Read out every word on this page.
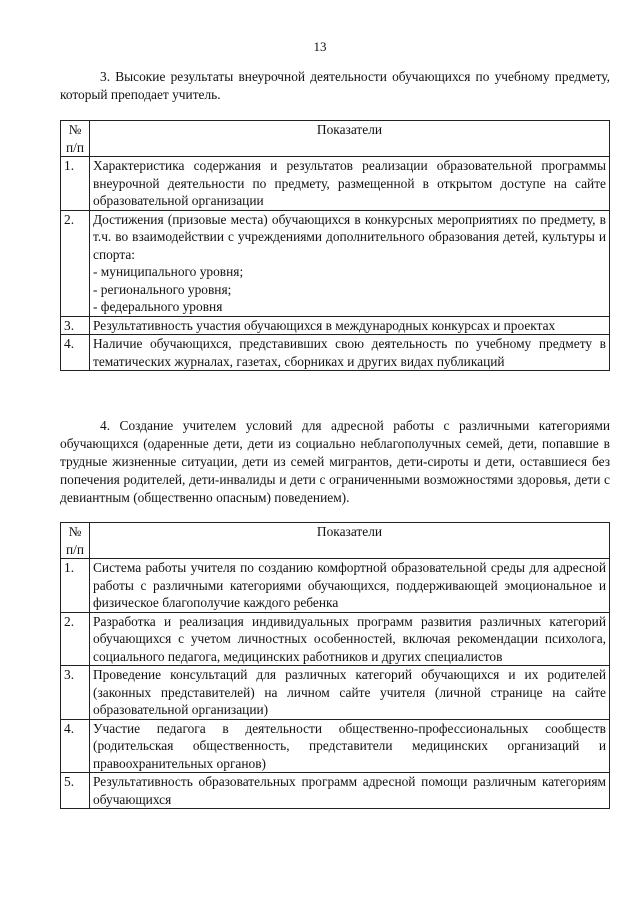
13
3. Высокие результаты внеурочной деятельности обучающихся по учебному предмету, который преподает учитель.
№ п/п	Показатели
1.	Характеристика содержания и результатов реализации образовательной программы внеурочной деятельности по предмету, размещенной в открытом доступе на сайте образовательной организации
2.	Достижения (призовые места) обучающихся в конкурсных мероприятиях по предмету, в т.ч. во взаимодействии с учреждениями дополнительного образования детей, культуры и спорта:
- муниципального уровня;
- регионального уровня;
- федерального уровня

3.	Результативность участия обучающихся в международных конкурсах и проектах
4.	Наличие обучающихся, представивших свою деятельность по учебному предмету в тематических журналах, газетах, сборниках и других видах публикаций
4. Создание учителем условий для адресной работы с различными категориями обучающихся (одаренные дети, дети из социально неблагополучных семей, дети, попавшие в трудные жизненные ситуации, дети из семей мигрантов, дети-сироты и дети, оставшиеся без попечения родителей, дети-инвалиды и дети с ограниченными возможностями здоровья, дети с девиантным (общественно опасным) поведением).
№ п/п	Показатели
1.	Система работы учителя по созданию комфортной образовательной среды для адресной работы с различными категориями обучающихся, поддерживающей эмоциональное и физическое благополучие каждого ребенка
2.	Разработка и реализация индивидуальных программ развития различных категорий обучающихся с учетом личностных особенностей, включая рекомендации психолога, социального педагога, медицинских работников и других специалистов
3.	Проведение консультаций для различных категорий обучающихся и их родителей (законных представителей) на личном сайте учителя (личной странице на сайте образовательной организации)
4.	Участие педагога в деятельности общественно-профессиональных сообществ (родительская общественность, представители медицинских организаций и правоохранительных органов)
5.	Результативность образовательных программ адресной помощи различным категориям обучающихся
